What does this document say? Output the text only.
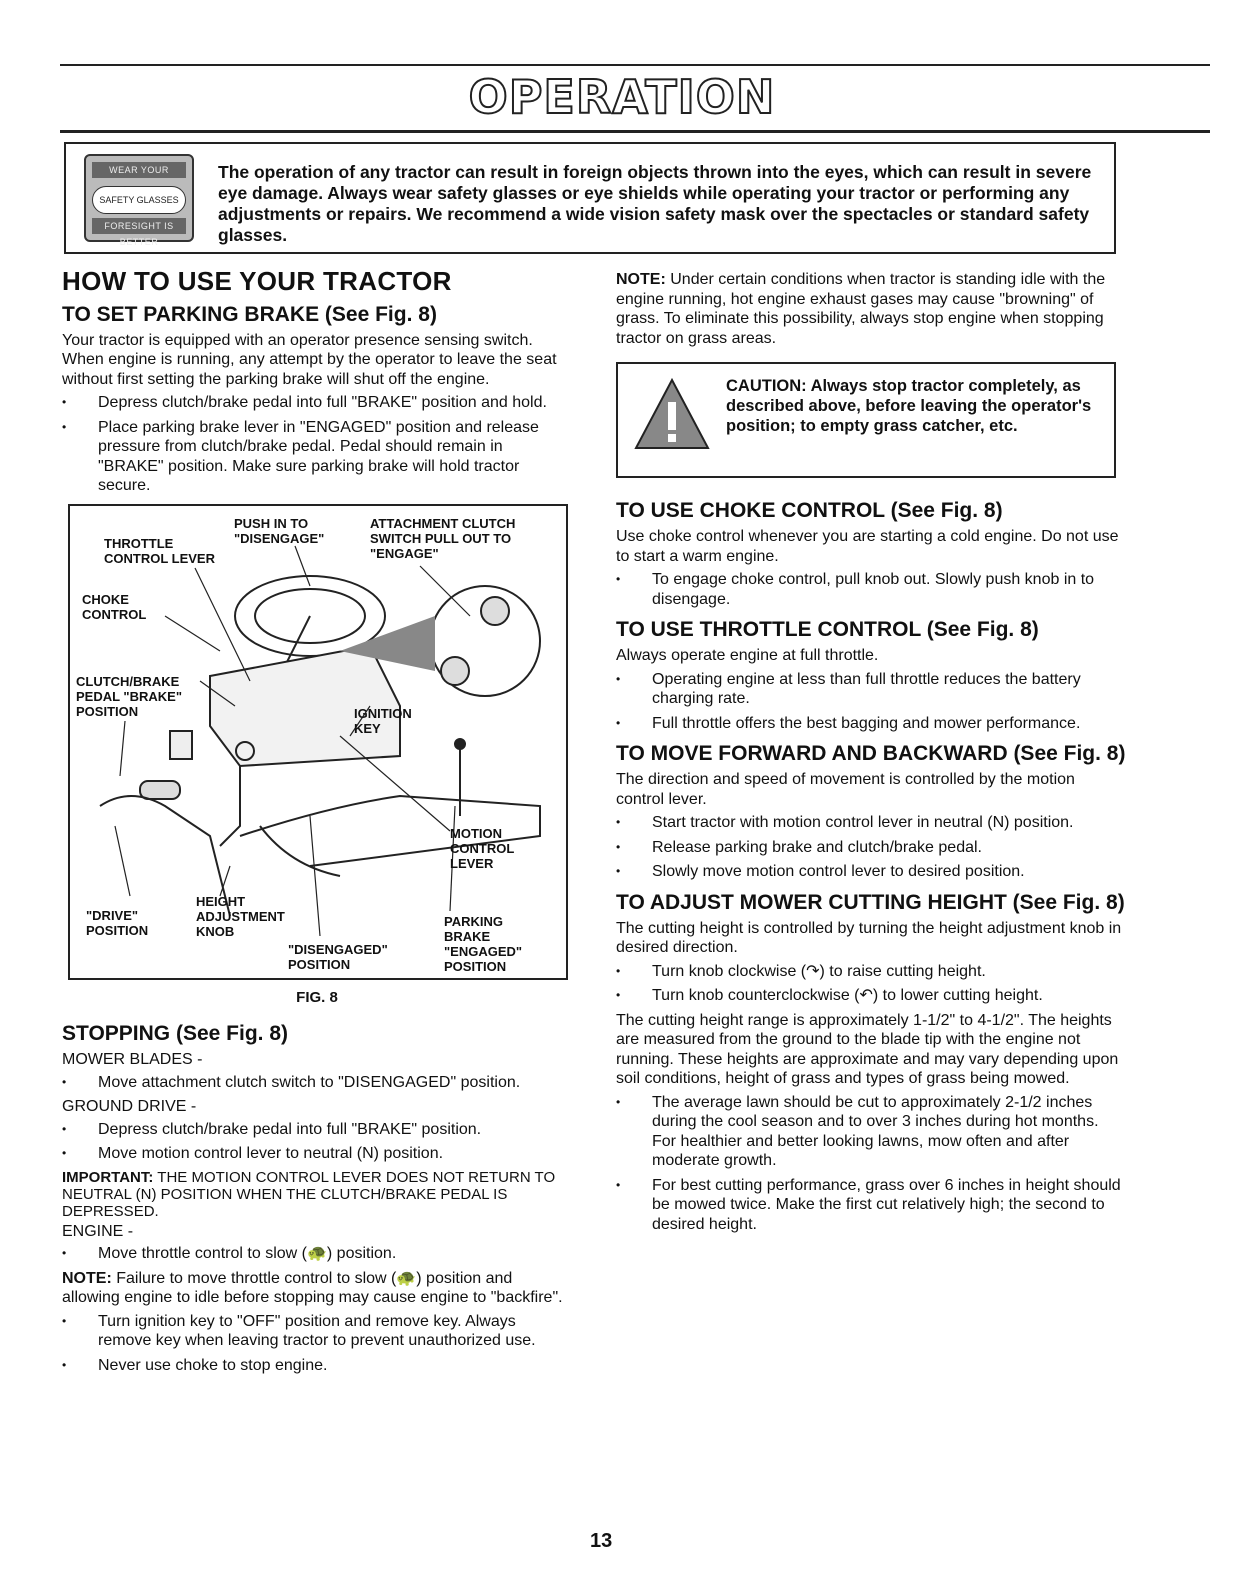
OPERATION
WEAR YOUR
SAFETY GLASSES
FORESIGHT IS BETTER
The operation of any tractor can result in foreign objects thrown into the eyes, which can result in severe eye damage. Always wear safety glasses or eye shields while operating your tractor or performing any adjustments or repairs. We recommend a wide vision safety mask over the spectacles or standard safety glasses.
HOW TO USE YOUR TRACTOR
TO SET PARKING BRAKE (See Fig. 8)

Your tractor is equipped with an operator presence sensing switch. When engine is running, any attempt by the operator to leave the seat without first setting the parking brake will shut off the engine.

• Depress clutch/brake pedal into full "BRAKE" position and hold.
• Place parking brake lever in "ENGAGED" position and release pressure from clutch/brake pedal. Pedal should remain in "BRAKE" position. Make sure parking brake will hold tractor secure.
THROTTLE
CONTROL LEVER
PUSH IN TO
"DISENGAGE"
ATTACHMENT CLUTCH
SWITCH PULL OUT TO
"ENGAGE"
CHOKE
CONTROL
CLUTCH/BRAKE
PEDAL "BRAKE"
POSITION	IGNITION
KEY
MOTION
CONTROL
LEVER
HEIGHT
ADJUSTMENT
KNOB
"DRIVE"
POSITION
PARKING
BRAKE
"ENGAGED"
POSITION
"DISENGAGED"
POSITION
FIG. 8
STOPPING (See Fig. 8)

MOWER BLADES -

• Move attachment clutch switch to "DISENGAGED" position.

GROUND DRIVE -

• Depress clutch/brake pedal into full "BRAKE" position.
• Move motion control lever to neutral (N) position.

IMPORTANT: THE MOTION CONTROL LEVER DOES NOT RETURN TO NEUTRAL (N) POSITION WHEN THE CLUTCH/BRAKE PEDAL IS DEPRESSED.

ENGINE -

• Move throttle control to slow (🐢) position.

NOTE: Failure to move throttle control to slow (🐢) position and allowing engine to idle before stopping may cause engine to "backfire".

• Turn ignition key to "OFF" position and remove key. Always remove key when leaving tractor to prevent unauthorized use.
• Never use choke to stop engine.

NOTE: Under certain conditions when tractor is standing idle with the engine running, hot engine exhaust gases may cause "browning" of grass. To eliminate this possibility, always stop engine when stopping tractor on grass areas.

CAUTION: Always stop tractor completely, as described above, before leaving the operator's position; to empty grass catcher, etc.
TO USE CHOKE CONTROL (See Fig. 8)

Use choke control whenever you are starting a cold engine. Do not use to start a warm engine.

• To engage choke control, pull knob out. Slowly push knob in to disengage.
TO USE THROTTLE CONTROL (See Fig. 8)

Always operate engine at full throttle.

• Operating engine at less than full throttle reduces the battery charging rate.
• Full throttle offers the best bagging and mower performance.
TO MOVE FORWARD AND BACKWARD (See Fig. 8)

The direction and speed of movement is controlled by the motion control lever.

• Start tractor with motion control lever in neutral (N) position.
• Release parking brake and clutch/brake pedal.
• Slowly move motion control lever to desired position.
TO ADJUST MOWER CUTTING HEIGHT (See Fig. 8)

The cutting height is controlled by turning the height adjustment knob in desired direction.

• Turn knob clockwise (↷) to raise cutting height.
• Turn knob counterclockwise (↶) to lower cutting height.

The cutting height range is approximately 1-1/2" to 4-1/2". The heights are measured from the ground to the blade tip with the engine not running. These heights are approximate and may vary depending upon soil conditions, height of grass and types of grass being mowed.

• The average lawn should be cut to approximately 2-1/2 inches during the cool season and to over 3 inches during hot months. For healthier and better looking lawns, mow often and after moderate growth.
• For best cutting performance, grass over 6 inches in height should be mowed twice. Make the first cut relatively high; the second to desired height.
13
